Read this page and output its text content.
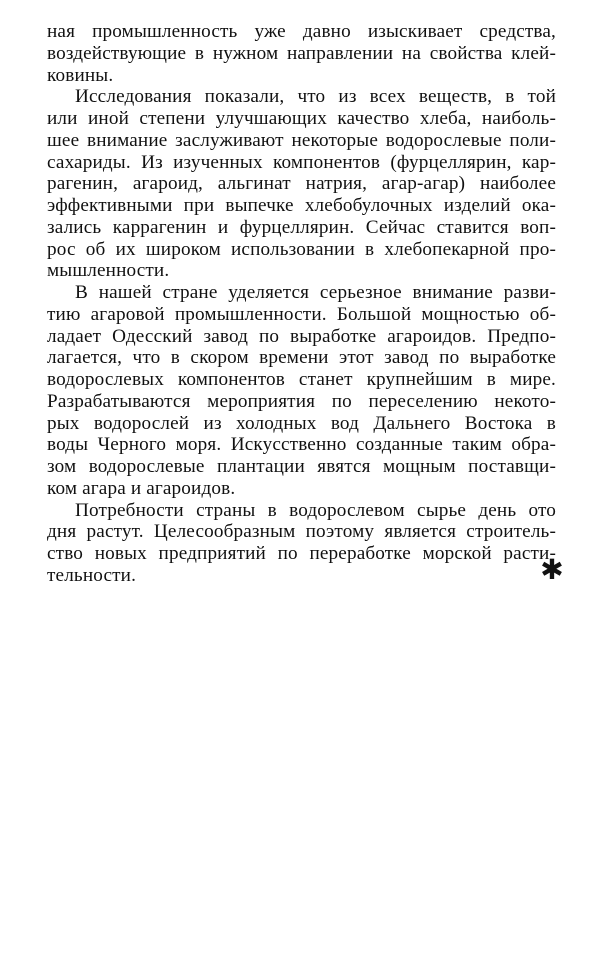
ная промышленность уже давно изыскивает средства,
воздействующие в нужном направлении на свойства клей-
ковины.
Исследования показали, что из всех веществ, в той
или иной степени улучшающих качество хлеба, наиболь-
шее внимание заслуживают некоторые водорослевые поли-
сахариды. Из изученных компонентов (фурцеллярин, кар-
рагенин, агароид, альгинат натрия, агар-агар) наиболее
эффективными при выпечке хлебобулочных изделий ока-
зались каррагенин и фурцеллярин. Сейчас ставится воп-
рос об их широком использовании в хлебопекарной про-
мышленности.
В нашей стране уделяется серьезное внимание разви-
тию агаровой промышленности. Большой мощностью об-
ладает Одесский завод по выработке агароидов. Предпо-
лагается, что в скором времени этот завод по выработке
водорослевых компонентов станет крупнейшим в мире.
Разрабатываются мероприятия по переселению некото-
рых водорослей из холодных вод Дальнего Востока в
воды Черного моря. Искусственно созданные таким обра-
зом водорослевые плантации явятся мощным поставщи-
ком агара и агароидов.
Потребности страны в водорослевом сырье день ото
дня растут. Целесообразным поэтому является строитель-
ство новых предприятий по переработке морской расти-
тельности.	✱
